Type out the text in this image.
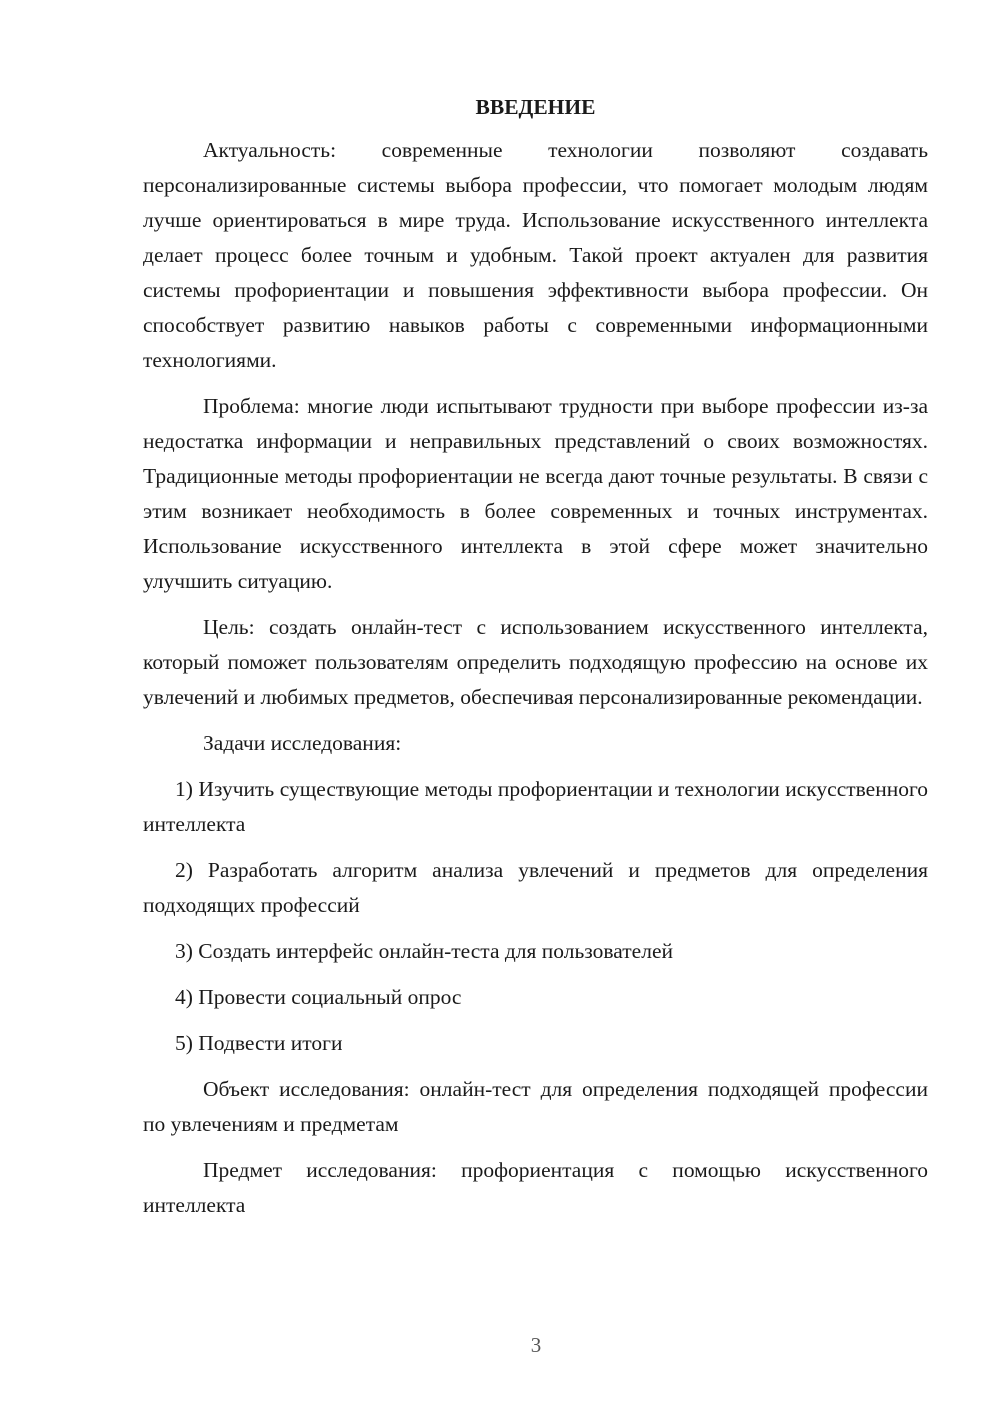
ВВЕДЕНИЕ

Актуальность: современные технологии позволяют создавать персонализированные системы выбора профессии, что помогает молодым людям лучше ориентироваться в мире труда. Использование искусственного интеллекта делает процесс более точным и удобным. Такой проект актуален для развития системы профориентации и повышения эффективности выбора профессии. Он способствует развитию навыков работы с современными информационными технологиями.

Проблема: многие люди испытывают трудности при выборе профессии из-за недостатка информации и неправильных представлений о своих возможностях. Традиционные методы профориентации не всегда дают точные результаты. В связи с этим возникает необходимость в более современных и точных инструментах. Использование искусственного интеллекта в этой сфере может значительно улучшить ситуацию.

Цель: создать онлайн-тест с использованием искусственного интеллекта, который поможет пользователям определить подходящую профессию на основе их увлечений и любимых предметов, обеспечивая персонализированные рекомендации.

Задачи исследования:

1) Изучить существующие методы профориентации и технологии искусственного интеллекта

2) Разработать алгоритм анализа увлечений и предметов для определения подходящих профессий

3) Создать интерфейс онлайн-теста для пользователей

4) Провести социальный опрос

5) Подвести итоги

Объект исследования: онлайн-тест для определения подходящей профессии по увлечениям и предметам

Предмет исследования: профориентация с помощью искусственного интеллекта

3
